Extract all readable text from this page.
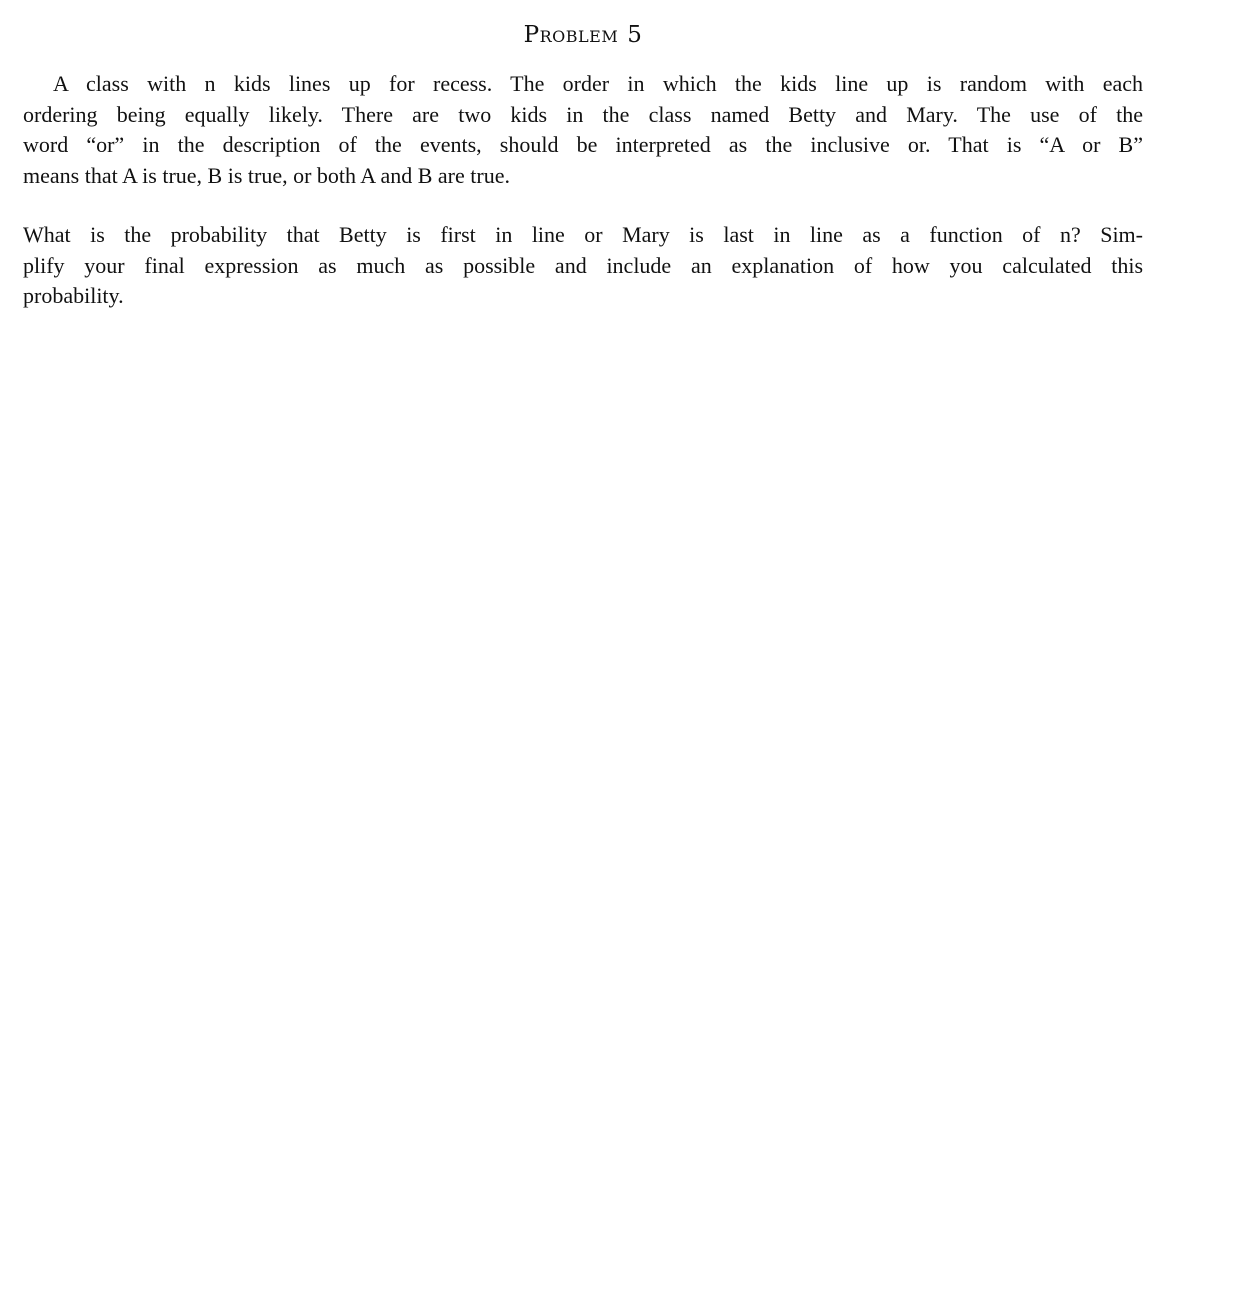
Problem 5

A class with n kids lines up for recess. The order in which the kids line up is random with each
ordering being equally likely. There are two kids in the class named Betty and Mary. The use of the
word “or” in the description of the events, should be interpreted as the inclusive or. That is “A or B”
means that A is true, B is true, or both A and B are true.

What is the probability that Betty is first in line or Mary is last in line as a function of n? Sim-
plify your final expression as much as possible and include an explanation of how you calculated this
probability.
